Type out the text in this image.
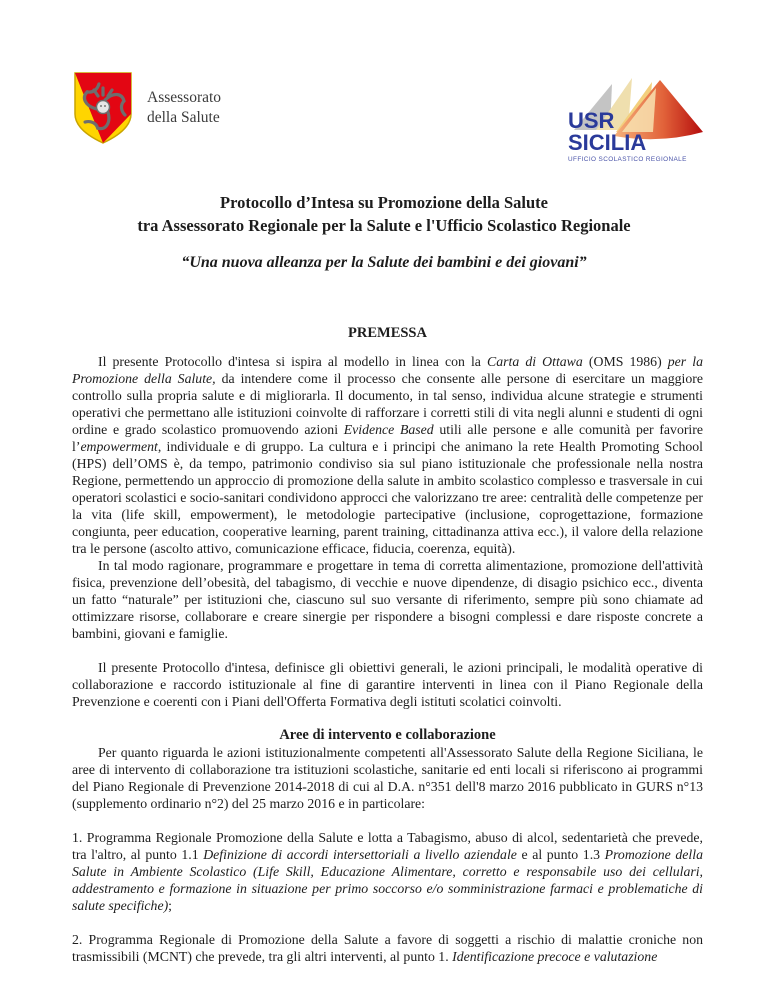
Assessorato
della Salute	USR
SICILIA
UFFICIO SCOLASTICO REGIONALE
Protocollo d’Intesa su Promozione della Salute
tra Assessorato Regionale per la Salute e l'Ufficio Scolastico Regionale
“Una nuova alleanza per la Salute dei bambini e dei giovani”

PREMESSA

Il presente Protocollo d'intesa si ispira al modello in linea con la Carta di Ottawa (OMS 1986) per la Promozione della Salute, da intendere come il processo che consente alle persone di esercitare un maggiore controllo sulla propria salute e di migliorarla. Il documento, in tal senso, individua alcune strategie e strumenti operativi che permettano alle istituzioni coinvolte di rafforzare i corretti stili di vita negli alunni e studenti di ogni ordine e grado scolastico promuovendo azioni Evidence Based utili alle persone e alle comunità per favorire l’empowerment, individuale e di gruppo. La cultura e i principi che animano la rete Health Promoting School (HPS) dell’OMS è, da tempo, patrimonio condiviso sia sul piano istituzionale che professionale nella nostra Regione, permettendo un approccio di promozione della salute in ambito scolastico complesso e trasversale in cui operatori scolastici e socio-sanitari condividono approcci che valorizzano tre aree: centralità delle competenze per la vita (life skill, empowerment), le metodologie partecipative (inclusione, coprogettazione, formazione congiunta, peer education, cooperative learning, parent training, cittadinanza attiva ecc.), il valore della relazione tra le persone (ascolto attivo, comunicazione efficace, fiducia, coerenza, equità).

In tal modo ragionare, programmare e progettare in tema di corretta alimentazione, promozione dell'attività fisica, prevenzione dell’obesità, del tabagismo, di vecchie e nuove dipendenze, di disagio psichico ecc., diventa un fatto “naturale” per istituzioni che, ciascuno sul suo versante di riferimento, sempre più sono chiamate ad ottimizzare risorse, collaborare e creare sinergie per rispondere a bisogni complessi e dare risposte concrete a bambini, giovani e famiglie.

Il presente Protocollo d'intesa, definisce gli obiettivi generali, le azioni principali, le modalità operative di collaborazione e raccordo istituzionale al fine di garantire interventi in linea con il Piano Regionale della Prevenzione e coerenti con i Piani dell'Offerta Formativa degli istituti scolatici coinvolti.

Aree di intervento e collaborazione

Per quanto riguarda le azioni istituzionalmente competenti all'Assessorato Salute della Regione Siciliana, le aree di intervento di collaborazione tra istituzioni scolastiche, sanitarie ed enti locali si riferiscono ai programmi del Piano Regionale di Prevenzione 2014-2018 di cui al D.A. n°351 dell'8 marzo 2016 pubblicato in GURS n°13 (supplemento ordinario n°2) del 25 marzo 2016 e in particolare:

1. Programma Regionale Promozione della Salute e lotta a Tabagismo, abuso di alcol, sedentarietà che prevede, tra l'altro, al punto 1.1 Definizione di accordi intersettoriali a livello aziendale e al punto 1.3 Promozione della Salute in Ambiente Scolastico (Life Skill, Educazione Alimentare, corretto e responsabile uso dei cellulari, addestramento e formazione in situazione per primo soccorso e/o somministrazione farmaci e problematiche di salute specifiche);

2. Programma Regionale di Promozione della Salute a favore di soggetti a rischio di malattie croniche non trasmissibili (MCNT) che prevede, tra gli altri interventi, al punto 1. Identificazione precoce e valutazione
